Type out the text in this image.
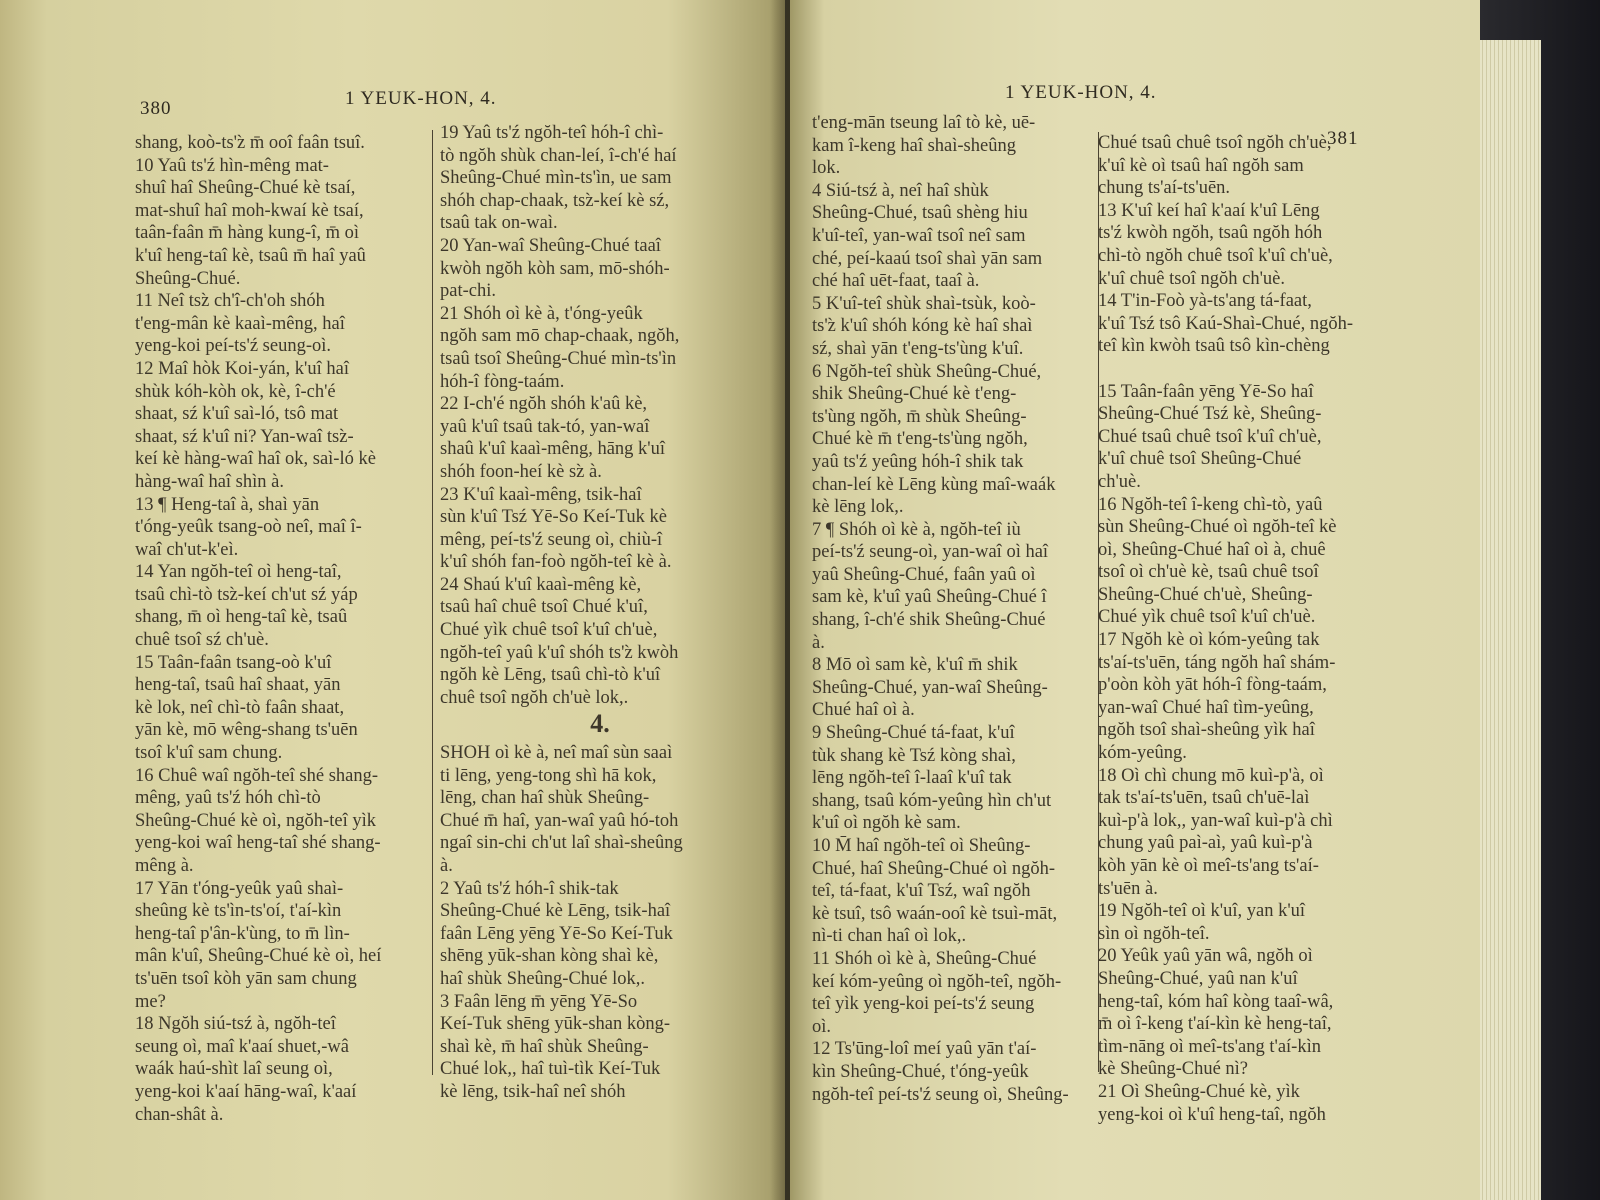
380	1 YEUK-HON, 4.

shang, koò-ts'z̀ m̄ ooî faân tsuî.

10 Yaû ts'ź hìn-mêng mat-

shuî haî Sheûng-Chué kè tsaí,

mat-shuî haî moh-kwaí kè tsaí,

taân-faân m̄ hàng kung-î, m̄ oì

k'uî heng-taî kè, tsaû m̄ haî yaû

Sheûng-Chué.

11 Neî tsz̀ ch'î-ch'oh shóh

t'eng-mân kè kaaì-mêng, haî

yeng-koi peí-ts'ź seung-oì.

12 Maî hòk Koi-yán, k'uî haî

shùk kóh-kòh ok, kè, î-ch'é

shaat, sź k'uî saì-ló, tsô mat

shaat, sź k'uî ni? Yan-waî tsz̀-

keí kè hàng-waî haî ok, saì-ló kè

hàng-waî haî shìn à.

13 ¶ Heng-taî à, shaì yān

t'óng-yeûk tsang-oò neî, maî î-

waî ch'ut-k'eì.

14 Yan ngŏh-teî oì heng-taî,

tsaû chì-tò tsz̀-keí ch'ut sź yáp

shang, m̄ oì heng-taî kè, tsaû

chuê tsoî sź ch'uè.

15 Taân-faân tsang-oò k'uî

heng-taî, tsaû haî shaat, yān

kè lok, neî chì-tò faân shaat,

yān kè, mō wêng-shang ts'uēn

tsoî k'uî sam chung.

16 Chuê waî ngŏh-teî shé shang-

mêng, yaû ts'ź hóh chì-tò

Sheûng-Chué kè oì, ngŏh-teî yìk

yeng-koi waî heng-taî shé shang-

mêng à.

17 Yān t'óng-yeûk yaû shaì-

sheûng kè ts'ìn-ts'oí, t'aí-kìn

heng-taî p'ân-k'ùng, to m̄ lìn-

mân k'uî, Sheûng-Chué kè oì, heí

ts'uēn tsoî kòh yān sam chung

me?

18 Ngŏh siú-tsź à, ngŏh-teî

seung oì, maî k'aaí shuet,-wâ

waák haú-shìt laî seung oì,

yeng-koi k'aaí hāng-waî, k'aaí

chan-shât à.

19 Yaû ts'ź ngŏh-teî hóh-î chì-

tò ngŏh shùk chan-leí, î-ch'é haí

Sheûng-Chué mìn-ts'ìn, ue sam

shóh chap-chaak, tsz̀-keí kè sź,

tsaû tak on-waì.

20 Yan-waî Sheûng-Chué taaî

kwòh ngŏh kòh sam, mō-shóh-

pat-chi.

21 Shóh oì kè à, t'óng-yeûk

ngŏh sam mō chap-chaak, ngŏh,

tsaû tsoî Sheûng-Chué mìn-ts'ìn

hóh-î fòng-taám.

22 I-ch'é ngŏh shóh k'aû kè,

yaû k'uî tsaû tak-tó, yan-waî

shaû k'uî kaaì-mêng, hāng k'uî

shóh foon-heí kè sz̀ à.

23 K'uî kaaì-mêng, tsik-haî

sùn k'uî Tsź Yē-So Keí-Tuk kè

mêng, peí-ts'ź seung oì, chiù-î

k'uî shóh fan-foò ngŏh-teî kè à.

24 Shaú k'uî kaaì-mêng kè,

tsaû haî chuê tsoî Chué k'uî,

Chué yìk chuê tsoî k'uî ch'uè,

ngŏh-teî yaû k'uî shóh ts'z̀ kwòh

ngŏh kè Lēng, tsaû chì-tò k'uî

chuê tsoî ngŏh ch'uè lok,.

4.

SHOH oì kè à, neî maî sùn saaì

ti lēng, yeng-tong shì hā kok,

lēng, chan haî shùk Sheûng-

Chué m̄ haî, yan-waî yaû hó-toh

ngaî sin-chi ch'ut laî shaì-sheûng

à.

2 Yaû ts'ź hóh-î shik-tak

Sheûng-Chué kè Lēng, tsik-haî

faân Lēng yēng Yē-So Keí-Tuk

shēng yūk-shan kòng shaì kè,

haî shùk Sheûng-Chué lok,.

3 Faân lēng m̄ yēng Yē-So

Keí-Tuk shēng yūk-shan kòng-

shaì kè, m̄ haî shùk Sheûng-

Chué lok,, haî tuì-tìk Keí-Tuk

kè lēng, tsik-haî neî shóh

1 YEUK-HON, 4.
381

t'eng-mān tseung laî tò kè, uē-

kam î-keng haî shaì-sheûng

lok.

4 Siú-tsź à, neî haî shùk

Sheûng-Chué, tsaû shèng hiu

k'uî-teî, yan-waî tsoî neî sam

ché, peí-kaaú tsoî shaì yān sam

ché haî uēt-faat, taaî à.

5 K'uî-teî shùk shaì-tsùk, koò-

ts'z̀ k'uî shóh kóng kè haî shaì

sź, shaì yān t'eng-ts'ùng k'uî.

6 Ngŏh-teî shùk Sheûng-Chué,

shik Sheûng-Chué kè t'eng-

ts'ùng ngŏh, m̄ shùk Sheûng-

Chué kè m̄ t'eng-ts'ùng ngŏh,

yaû ts'ź yeûng hóh-î shik tak

chan-leí kè Lēng kùng maî-waák

kè lēng lok,.

7 ¶ Shóh oì kè à, ngŏh-teî iù

peí-ts'ź seung-oì, yan-waî oì haî

yaû Sheûng-Chué, faân yaû oì

sam kè, k'uî yaû Sheûng-Chué î

shang, î-ch'é shik Sheûng-Chué

à.

8 Mō oì sam kè, k'uî m̄ shik

Sheûng-Chué, yan-waî Sheûng-

Chué haî oì à.

9 Sheûng-Chué tá-faat, k'uî

tùk shang kè Tsź kòng shaì,

lēng ngŏh-teî î-laaî k'uî tak

shang, tsaû kóm-yeûng hìn ch'ut

k'uî oì ngŏh kè sam.

10 M̄ haî ngŏh-teî oì Sheûng-

Chué, haî Sheûng-Chué oì ngŏh-

teî, tá-faat, k'uî Tsź, waî ngŏh

kè tsuî, tsô waán-ooî kè tsuì-māt,

nì-ti chan haî oì lok,.

11 Shóh oì kè à, Sheûng-Chué

keí kóm-yeûng oì ngŏh-teî, ngŏh-

teî yìk yeng-koi peí-ts'ź seung

oì.

12 Ts'ūng-loî meí yaû yān t'aí-

kìn Sheûng-Chué, t'óng-yeûk

ngŏh-teî peí-ts'ź seung oì, Sheûng-

Chué tsaû chuê tsoî ngŏh ch'uè,

k'uî kè oì tsaû haî ngŏh sam

chung ts'aí-ts'uēn.

13 K'uî keí haî k'aaí k'uî Lēng

ts'ź kwòh ngŏh, tsaû ngŏh hóh

chì-tò ngŏh chuê tsoî k'uî ch'uè,

k'uî chuê tsoî ngŏh ch'uè.

14 T'in-Foò yà-ts'ang tá-faat,

k'uî Tsź tsô Kaú-Shaì-Chué, ngŏh-

teî kìn kwòh tsaû tsô kìn-chèng

15 Taân-faân yēng Yē-So haî

Sheûng-Chué Tsź kè, Sheûng-

Chué tsaû chuê tsoî k'uî ch'uè,

k'uî chuê tsoî Sheûng-Chué

ch'uè.

16 Ngŏh-teî î-keng chì-tò, yaû

sùn Sheûng-Chué oì ngŏh-teî kè

oì, Sheûng-Chué haî oì à, chuê

tsoî oì ch'uè kè, tsaû chuê tsoî

Sheûng-Chué ch'uè, Sheûng-

Chué yìk chuê tsoî k'uî ch'uè.

17 Ngŏh kè oì kóm-yeûng tak

ts'aí-ts'uēn, táng ngŏh haî shám-

p'oòn kòh yāt hóh-î fòng-taám,

yan-waî Chué haî tìm-yeûng,

ngŏh tsoî shaì-sheûng yìk haî

kóm-yeûng.

18 Oì chì chung mō kuì-p'à, oì

tak ts'aí-ts'uēn, tsaû ch'uē-laì

kuì-p'à lok,, yan-waî kuì-p'à chì

chung yaû paì-aì, yaû kuì-p'à

kòh yān kè oì meî-ts'ang ts'aí-

ts'uēn à.

19 Ngŏh-teî oì k'uî, yan k'uî

sìn oì ngŏh-teî.

20 Yeûk yaû yān wâ, ngŏh oì

Sheûng-Chué, yaû nan k'uî

heng-taî, kóm haî kòng taaî-wâ,

m̄ oì î-keng t'aí-kìn kè heng-taî,

tìm-nāng oì meî-ts'ang t'aí-kìn

kè Sheûng-Chué nì?

21 Oì Sheûng-Chué kè, yìk

yeng-koi oì k'uî heng-taî, ngŏh
